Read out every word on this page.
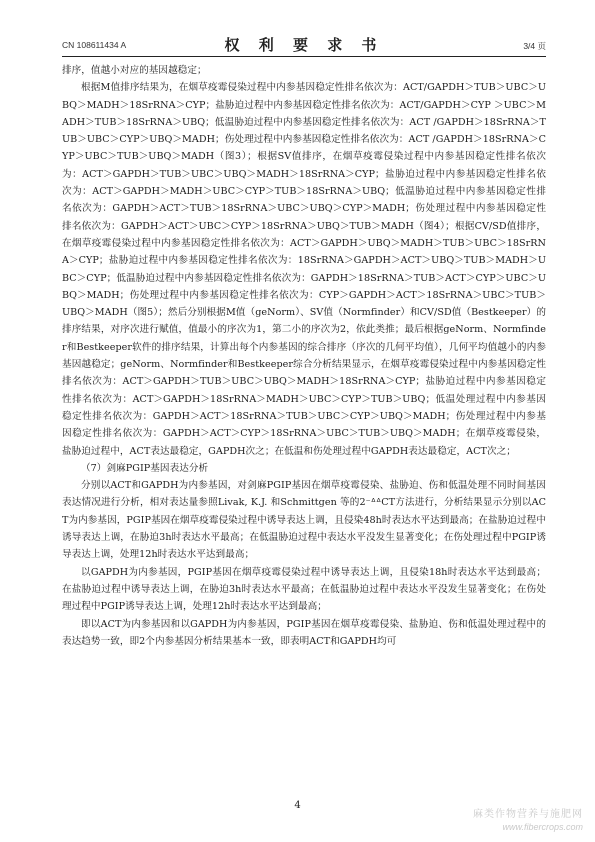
CN 108611434 A	权 利 要 求 书	3/4 页

排序，值越小对应的基因越稳定；

根据M值排序结果为，在烟草疫霉侵染过程中内参基因稳定性排名依次为：ACT/GAPDH＞TUB＞UBC＞UBQ＞MADH＞18SrRNA＞CYP；盐胁迫过程中内参基因稳定性排名依次为：ACT/GAPDH＞CYP ＞UBC＞MADH＞TUB＞18SrRNA＞UBQ；低温胁迫过程中内参基因稳定性排名依次为：ACT /GAPDH＞18SrRNA＞TUB＞UBC＞CYP＞UBQ＞MADH；伤处理过程中内参基因稳定性排名依次为：ACT /GAPDH＞18SrRNA＞CYP＞UBC＞TUB＞UBQ＞MADH（图3）；根据SV值排序，在烟草疫霉侵染过程中内参基因稳定性排名依次为：ACT＞GAPDH＞TUB＞UBC＞UBQ＞MADH＞18SrRNA＞CYP；盐胁迫过程中内参基因稳定性排名依次为：ACT＞GAPDH＞MADH＞UBC＞CYP＞TUB＞18SrRNA＞UBQ；低温胁迫过程中内参基因稳定性排名依次为：GAPDH＞ACT＞TUB＞18SrRNA＞UBC＞UBQ＞CYP＞MADH；伤处理过程中内参基因稳定性排名依次为：GAPDH＞ACT＞UBC＞CYP＞18SrRNA＞UBQ＞TUB＞MADH（图4）；根据CV/SD值排序，在烟草疫霉侵染过程中内参基因稳定性排名依次为：ACT＞GAPDH＞UBQ＞MADH＞TUB＞UBC＞18SrRNA＞CYP；盐胁迫过程中内参基因稳定性排名依次为：18SrRNA＞GAPDH＞ACT＞UBQ＞TUB＞MADH＞UBC＞CYP；低温胁迫过程中内参基因稳定性排名依次为：GAPDH＞18SrRNA＞TUB＞ACT＞CYP＞UBC＞UBQ＞MADH；伤处理过程中内参基因稳定性排名依次为：CYP＞GAPDH＞ACT＞18SrRNA＞UBC＞TUB＞UBQ＞MADH（图5）；然后分别根据M值（geNorm）、SV值（Normfinder）和CV/SD值（Bestkeeper）的排序结果，对序次进行赋值，值最小的序次为1，第二小的序次为2，依此类推；最后根据geNorm、Normfinder和Bestkeeper软件的排序结果，计算出每个内参基因的综合排序（序次的几何平均值），几何平均值越小的内参基因越稳定；geNorm、Normfinder和Bestkeeper综合分析结果显示，在烟草疫霉侵染过程中内参基因稳定性排名依次为：ACT＞GAPDH＞TUB＞UBC＞UBQ＞MADH＞18SrRNA＞CYP；盐胁迫过程中内参基因稳定性排名依次为：ACT＞GAPDH＞18SrRNA＞MADH＞UBC＞CYP＞TUB＞UBQ；低温处理过程中内参基因稳定性排名依次为：GAPDH＞ACT＞18SrRNA＞TUB＞UBC＞CYP＞UBQ＞MADH；伤处理过程中内参基因稳定性排名依次为：GAPDH＞ACT＞CYP＞18SrRNA＞UBC＞TUB＞UBQ＞MADH；在烟草疫霉侵染，盐胁迫过程中，ACT表达最稳定，GAPDH次之；在低温和伤处理过程中GAPDH表达最稳定，ACT次之；

（7）剑麻PGIP基因表达分析

分别以ACT和GAPDH为内参基因，对剑麻PGIP基因在烟草疫霉侵染、盐胁迫、伤和低温处理不同时间基因表达情况进行分析，相对表达量参照Livak, K.J. 和Schmittgen 等的2⁻ᐞᐞCT方法进行，分析结果显示分别以ACT为内参基因，PGIP基因在烟草疫霉侵染过程中诱导表达上调，且侵染48h时表达水平达到最高；在盐胁迫过程中诱导表达上调，在胁迫3h时表达水平最高；在低温胁迫过程中表达水平没发生显著变化；在伤处理过程中PGIP诱导表达上调，处理12h时表达水平达到最高；

以GAPDH为内参基因，PGIP基因在烟草疫霉侵染过程中诱导表达上调，且侵染18h时表达水平达到最高；在盐胁迫过程中诱导表达上调，在胁迫3h时表达水平最高；在低温胁迫过程中表达水平没发生显著变化；在伤处理过程中PGIP诱导表达上调，处理12h时表达水平达到最高；

即以ACT为内参基因和以GAPDH为内参基因，PGIP基因在烟草疫霉侵染、盐胁迫、伤和低温处理过程中的表达趋势一致，即2个内参基因分析结果基本一致，即表明ACT和GAPDH均可

4
麻类作物营养与施肥网
www.fibercrops.com
